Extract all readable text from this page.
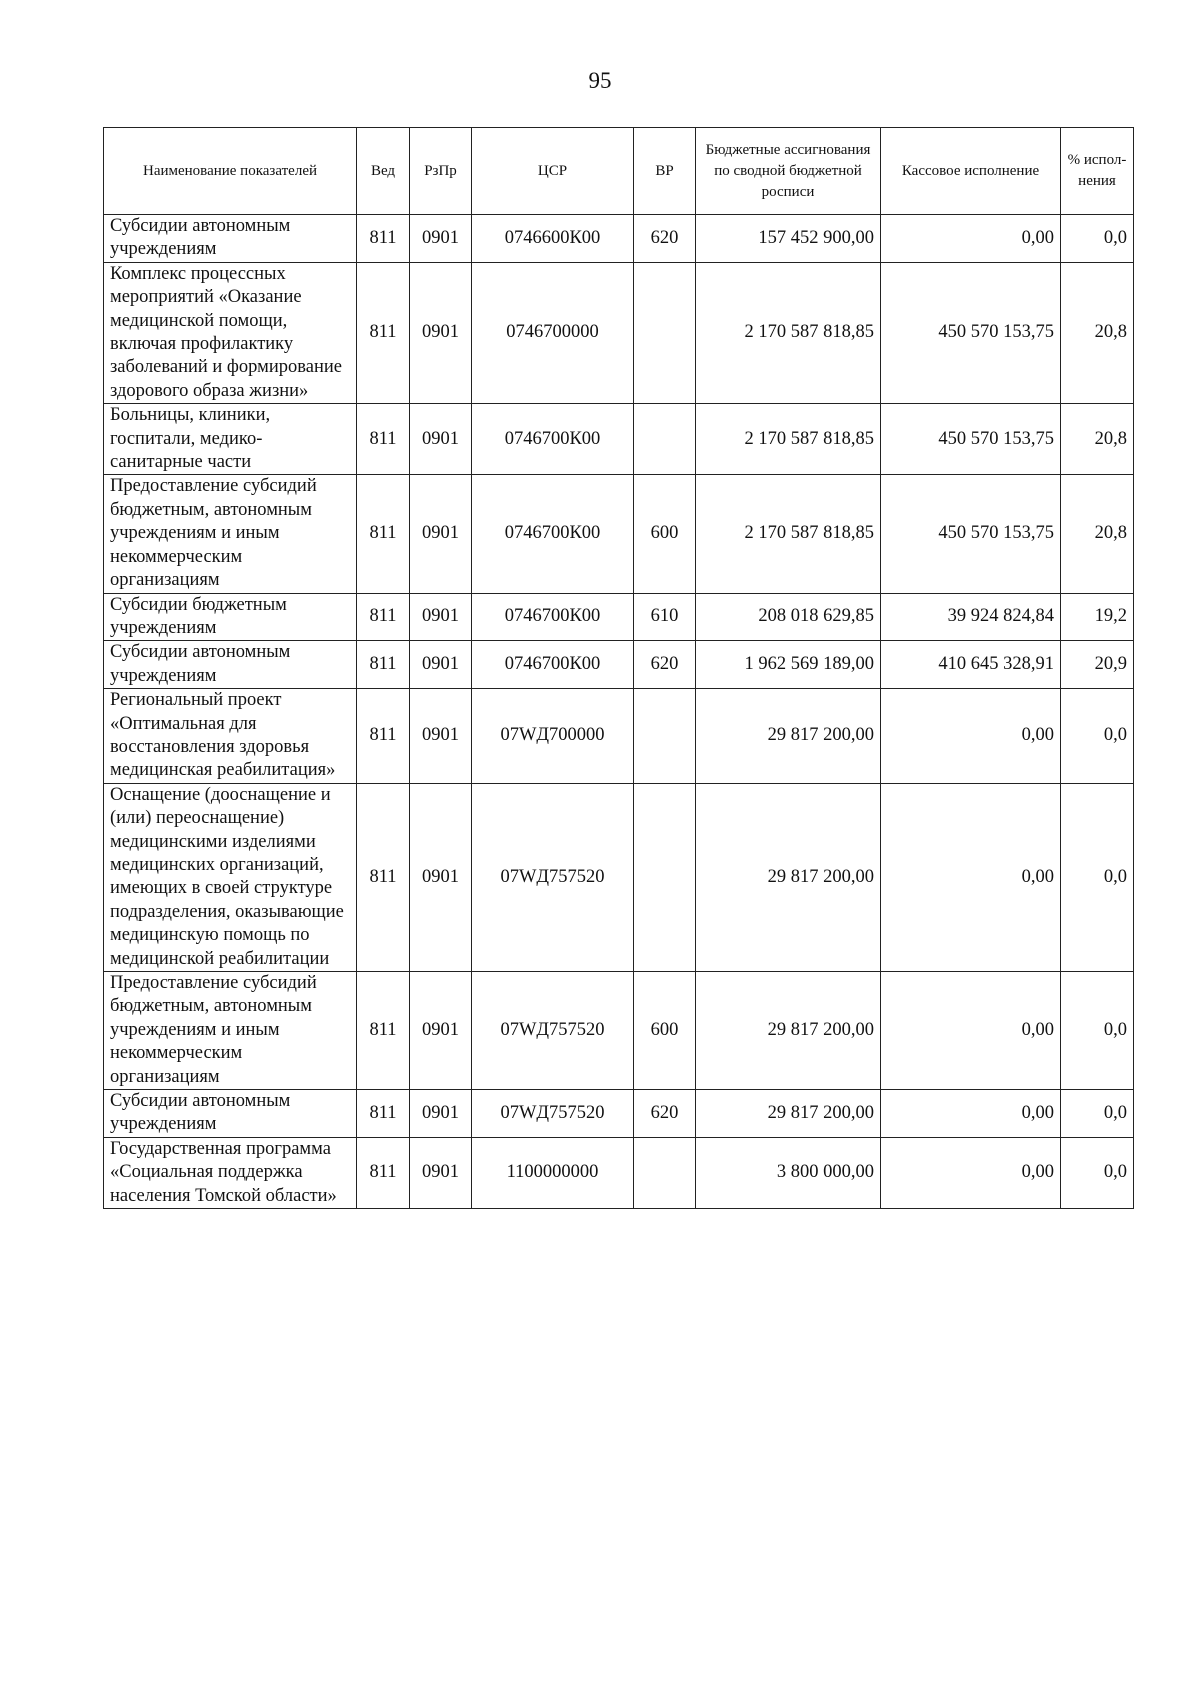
95
Наименование показателей	Вед	РзПр	ЦСР	ВР	Бюджетные ассигнования по сводной бюджетной росписи	Кассовое исполнение	% испол-нения
Субсидии автономным учреждениям	811	0901	0746600К00	620	157 452 900,00	0,00	0,0
Комплекс процессных мероприятий «Оказание медицинской помощи, включая профилактику заболеваний и формирование здорового образа жизни»	811	0901	0746700000		2 170 587 818,85	450 570 153,75	20,8
Больницы, клиники, госпитали, медико-санитарные части	811	0901	0746700К00		2 170 587 818,85	450 570 153,75	20,8
Предоставление субсидий бюджетным, автономным учреждениям и иным некоммерческим организациям	811	0901	0746700К00	600	2 170 587 818,85	450 570 153,75	20,8
Субсидии бюджетным учреждениям	811	0901	0746700К00	610	208 018 629,85	39 924 824,84	19,2
Субсидии автономным учреждениям	811	0901	0746700К00	620	1 962 569 189,00	410 645 328,91	20,9
Региональный проект «Оптимальная для восстановления здоровья медицинская реабилитация»	811	0901	07WД700000		29 817 200,00	0,00	0,0
Оснащение (дооснащение и (или) переоснащение) медицинскими изделиями медицинских организаций, имеющих в своей структуре подразделения, оказывающие медицинскую помощь по медицинской реабилитации	811	0901	07WД757520		29 817 200,00	0,00	0,0
Предоставление субсидий бюджетным, автономным учреждениям и иным некоммерческим организациям	811	0901	07WД757520	600	29 817 200,00	0,00	0,0
Субсидии автономным учреждениям	811	0901	07WД757520	620	29 817 200,00	0,00	0,0
Государственная программа «Социальная поддержка населения Томской области»	811	0901	1100000000		3 800 000,00	0,00	0,0
